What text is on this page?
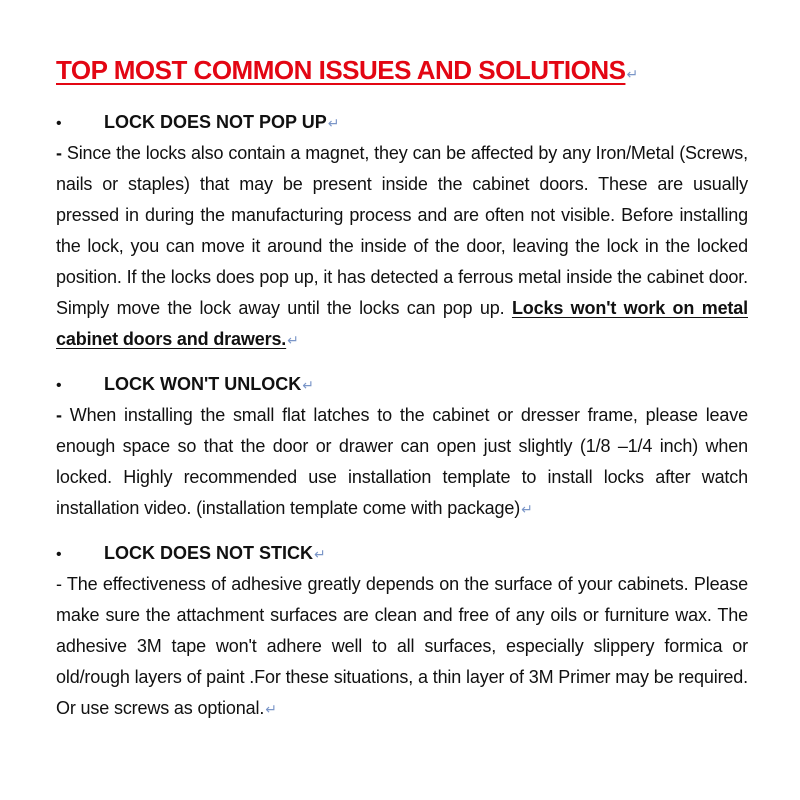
TOP MOST COMMON ISSUES AND SOLUTIONS↵
•	LOCK DOES NOT POP UP ↵
- Since the locks also contain a magnet, they can be affected by any Iron/Metal (Screws, nails or staples) that may be present inside the cabinet doors. These are usually pressed in during the manufacturing process and are often not visible. Before installing the lock, you can move it around the inside of the door, leaving the lock in the locked position. If the locks does pop up, it has detected a ferrous metal inside the cabinet door. Simply move the lock away until the locks can pop up. Locks won't work on metal cabinet doors and drawers.↵
•	LOCK WON'T UNLOCK ↵
- When installing the small flat latches to the cabinet or dresser frame, please leave enough space so that the door or drawer can open just slightly (1/8 –1/4 inch) when locked. Highly recommended use installation template to install locks after watch installation video. (installation template come with package)↵
•	LOCK DOES NOT STICK ↵
- The effectiveness of adhesive greatly depends on the surface of your cabinets. Please make sure the attachment surfaces are clean and free of any oils or furniture wax. The adhesive 3M tape won't adhere well to all surfaces, especially slippery formica or old/rough layers of paint .For these situations, a thin layer of 3M Primer may be required. Or use screws as optional.↵
